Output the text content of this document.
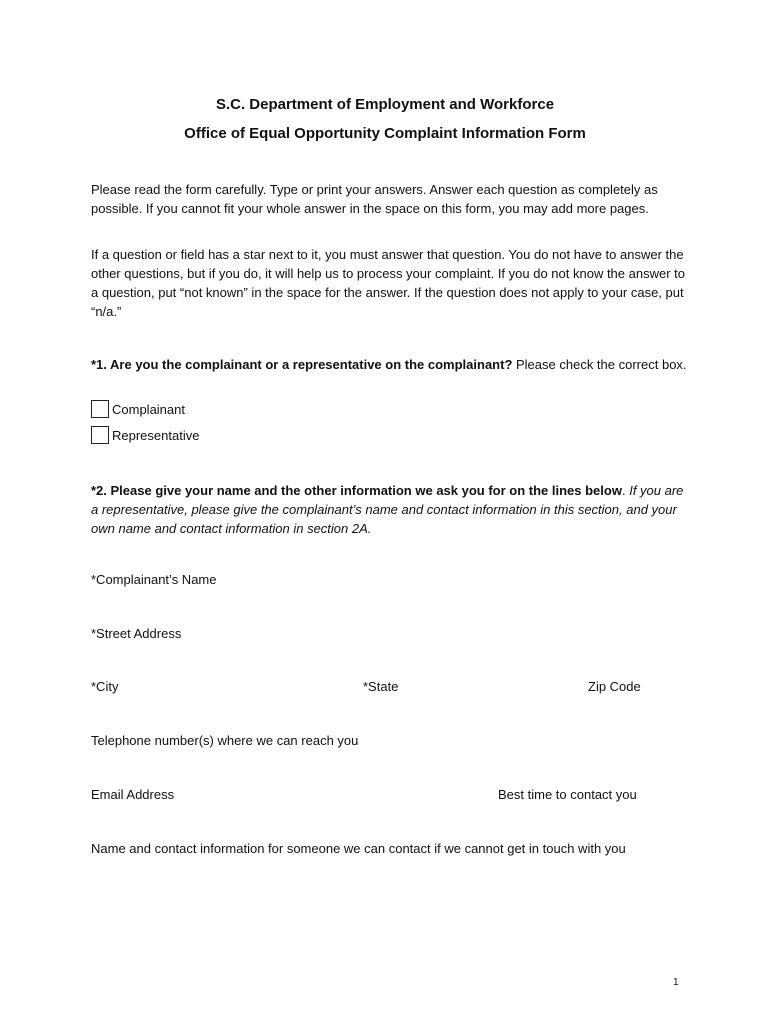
S.C. Department of Employment and Workforce
Office of Equal Opportunity Complaint Information Form
Please read the form carefully. Type or print your answers. Answer each question as completely as possible. If you cannot fit your whole answer in the space on this form, you may add more pages.
If a question or field has a star next to it, you must answer that question. You do not have to answer the other questions, but if you do, it will help us to process your complaint. If you do not know the answer to a question, put “not known” in the space for the answer. If the question does not apply to your case, put “n/a.”
*1. Are you the complainant or a representative on the complainant? Please check the correct box.
Complainant
Representative
*2. Please give your name and the other information we ask you for on the lines below. If you are a representative, please give the complainant’s name and contact information in this section, and your own name and contact information in section 2A.
*Complainant’s Name
*Street Address
*City	*State	Zip Code
Telephone number(s) where we can reach you
Email Address	Best time to contact you
Name and contact information for someone we can contact if we cannot get in touch with you
1
